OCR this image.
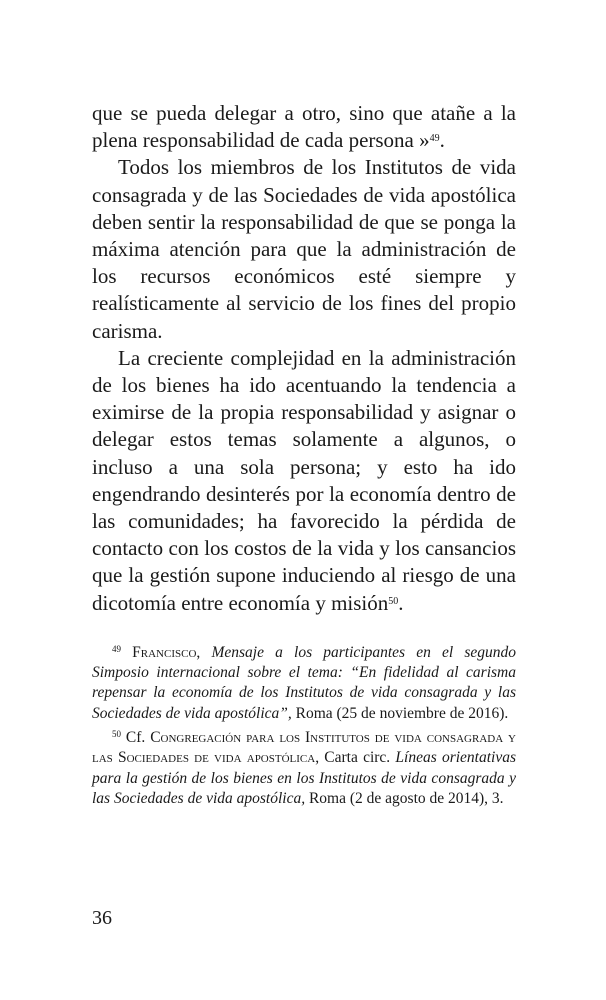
que se pueda delegar a otro, sino que atañe a la plena responsabilidad de cada persona »$^{49}$.

Todos los miembros de los Institutos de vida consagrada y de las Sociedades de vida apostólica deben sentir la responsabilidad de que se ponga la máxima atención para que la administración de los recursos económicos esté siempre y realísticamente al servicio de los fines del propio carisma.

La creciente complejidad en la administración de los bienes ha ido acentuando la tendencia a eximirse de la propia responsabilidad y asignar o delegar estos temas solamente a algunos, o incluso a una sola persona; y esto ha ido engendrando desinterés por la economía dentro de las comunidades; ha favorecido la pérdida de contacto con los costos de la vida y los cansancios que la gestión supone induciendo al riesgo de una dicotomía entre economía y misión$^{50}$.

$^{49}$ Francisco, Mensaje a los participantes en el segundo Simposio internacional sobre el tema: “En fidelidad al carisma repensar la economía de los Institutos de vida consagrada y las Sociedades de vida apostólica”, Roma (25 de noviembre de 2016).

$^{50}$ Cf. Congregación para los Institutos de vida consagrada y las Sociedades de vida apostólica, Carta circ. Líneas orientativas para la gestión de los bienes en los Institutos de vida consagrada y las Sociedades de vida apostólica, Roma (2 de agosto de 2014), 3.

36
